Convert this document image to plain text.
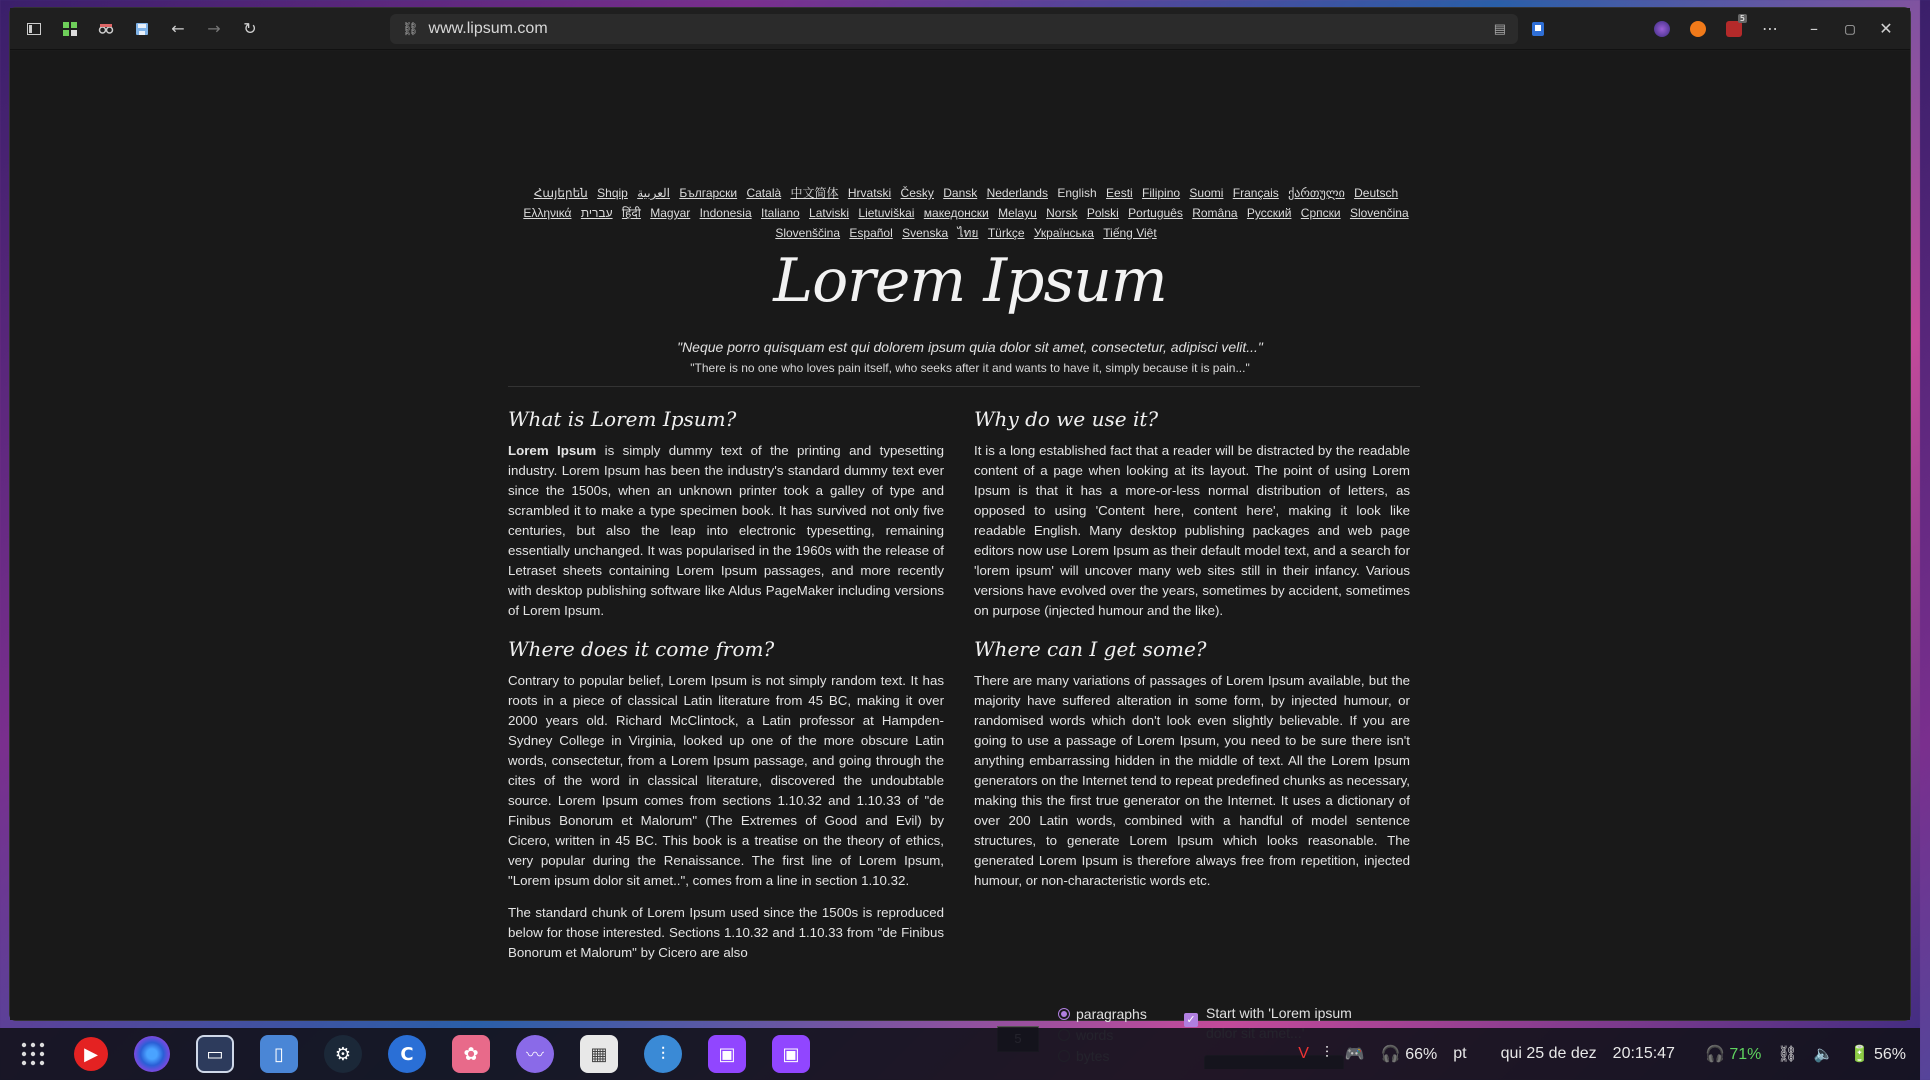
←	→	↻	⛓ www.lipsum.com	▤
5
⋯	–	▢	✕
Հայերեն Shqip العربية Български Català 中文简体 Hrvatski Česky Dansk Nederlands English Eesti Filipino Suomi Français ქართული Deutsch Ελληνικά עברית हिंदी Magyar Indonesia Italiano Latviski Lietuviškai македонски Melayu Norsk Polski Português Româna Pусский Српски Slovenčina Slovenščina Español Svenska ไทย Türkçe Українська Tiếng Việt
Lorem Ipsum
"Neque porro quisquam est qui dolorem ipsum quia dolor sit amet, consectetur, adipisci velit..."
"There is no one who loves pain itself, who seeks after it and wants to have it, simply because it is pain..."
What is Lorem Ipsum?

Lorem Ipsum is simply dummy text of the printing and typesetting industry. Lorem Ipsum has been the industry's standard dummy text ever since the 1500s, when an unknown printer took a galley of type and scrambled it to make a type specimen book. It has survived not only five centuries, but also the leap into electronic typesetting, remaining essentially unchanged. It was popularised in the 1960s with the release of Letraset sheets containing Lorem Ipsum passages, and more recently with desktop publishing software like Aldus PageMaker including versions of Lorem Ipsum.

Where does it come from?

Contrary to popular belief, Lorem Ipsum is not simply random text. It has roots in a piece of classical Latin literature from 45 BC, making it over 2000 years old. Richard McClintock, a Latin professor at Hampden-Sydney College in Virginia, looked up one of the more obscure Latin words, consectetur, from a Lorem Ipsum passage, and going through the cites of the word in classical literature, discovered the undoubtable source. Lorem Ipsum comes from sections 1.10.32 and 1.10.33 of "de Finibus Bonorum et Malorum" (The Extremes of Good and Evil) by Cicero, written in 45 BC. This book is a treatise on the theory of ethics, very popular during the Renaissance. The first line of Lorem Ipsum, "Lorem ipsum dolor sit amet..", comes from a line in section 1.10.32.

The standard chunk of Lorem Ipsum used since the 1500s is reproduced below for those interested. Sections 1.10.32 and 1.10.33 from "de Finibus Bonorum et Malorum" by Cicero are also

Why do we use it?

It is a long established fact that a reader will be distracted by the readable content of a page when looking at its layout. The point of using Lorem Ipsum is that it has a more-or-less normal distribution of letters, as opposed to using 'Content here, content here', making it look like readable English. Many desktop publishing packages and web page editors now use Lorem Ipsum as their default model text, and a search for 'lorem ipsum' will uncover many web sites still in their infancy. Various versions have evolved over the years, sometimes by accident, sometimes on purpose (injected humour and the like).

Where can I get some?

There are many variations of passages of Lorem Ipsum available, but the majority have suffered alteration in some form, by injected humour, or randomised words which don't look even slightly believable. If you are going to use a passage of Lorem Ipsum, you need to be sure there isn't anything embarrassing hidden in the middle of text. All the Lorem Ipsum generators on the Internet tend to repeat predefined chunks as necessary, making this the first true generator on the Internet. It uses a dictionary of over 200 Latin words, combined with a handful of model sentence structures, to generate Lorem Ipsum which looks reasonable. The generated Lorem Ipsum is therefore always free from repetition, injected humour, or non-characteristic words etc.

paragraphs	✓ Start with 'Lorem ipsum
▶	▭	▯	⚙	C	✿	〰	▦	⫶	▣	▣	V ⫶ 🎮 🎧 66% pt qui 25 de dez 20:15:47 🎧 71% ⛓ 🔈 🔋 56%
